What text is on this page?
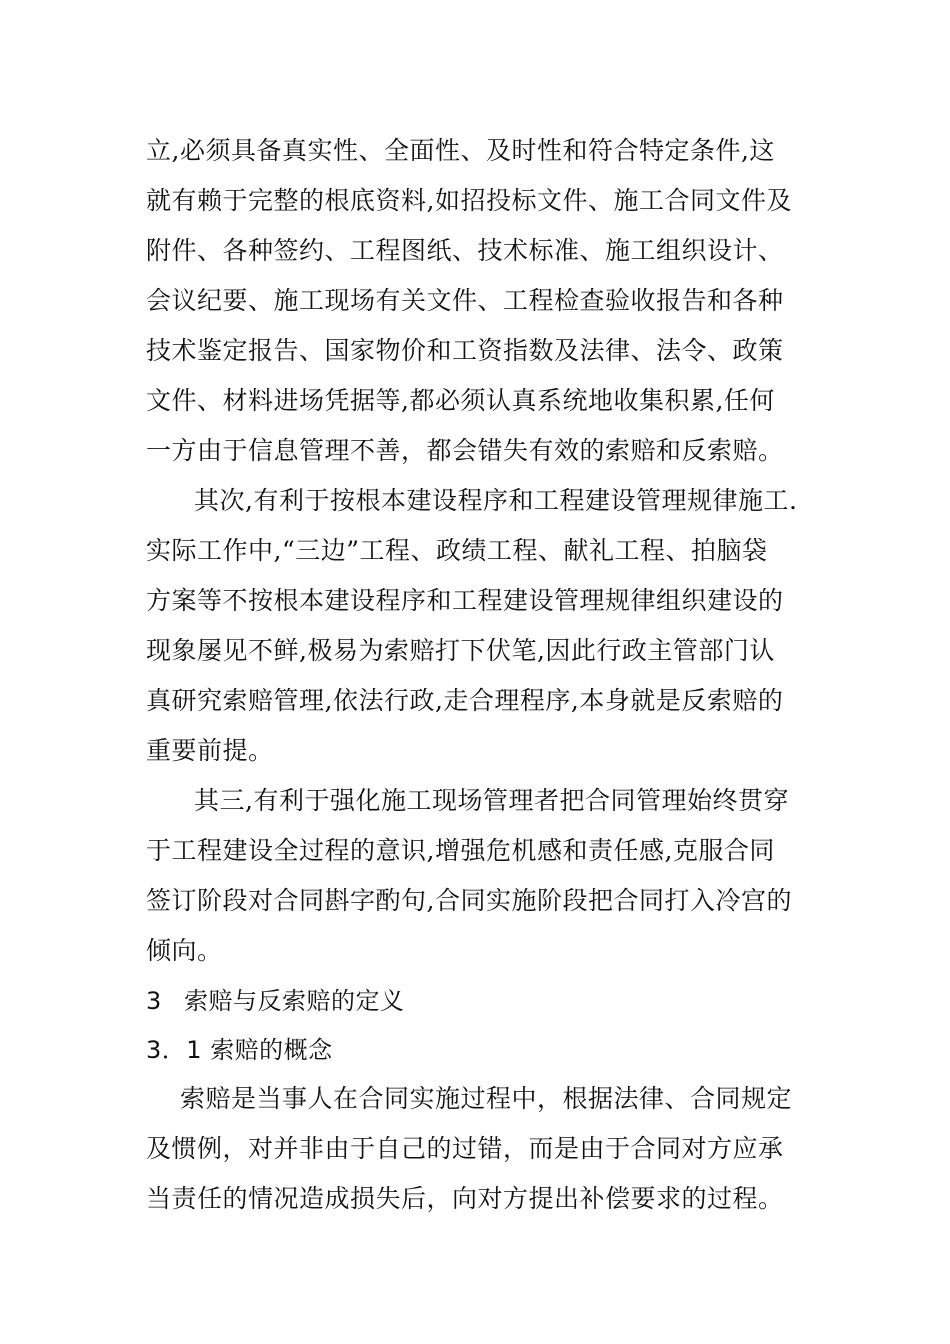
立,必须具备真实性、全面性、及时性和符合特定条件,这
就有赖于完整的根底资料,如招投标文件、施工合同文件及
附件、各种签约、工程图纸、技术标准、施工组织设计、
会议纪要、施工现场有关文件、工程检查验收报告和各种
技术鉴定报告、国家物价和工资指数及法律、法令、政策
文件、材料进场凭据等,都必须认真系统地收集积累,任何
一方由于信息管理不善，都会错失有效的索赔和反索赔。
其次,有利于按根本建设程序和工程建设管理规律施工.
实际工作中,“三边”工程、政绩工程、献礼工程、拍脑袋
方案等不按根本建设程序和工程建设管理规律组织建设的
现象屡见不鲜,极易为索赔打下伏笔,因此行政主管部门认
真研究索赔管理,依法行政,走合理程序,本身就是反索赔的
重要前提。
其三,有利于强化施工现场管理者把合同管理始终贯穿
于工程建设全过程的意识,增强危机感和责任感,克服合同
签订阶段对合同斟字酌句,合同实施阶段把合同打入冷宫的
倾向。
3 索赔与反索赔的定义
3．1 索赔的概念
索赔是当事人在合同实施过程中，根据法律、合同规定
及惯例，对并非由于自己的过错，而是由于合同对方应承
当责任的情况造成损失后，向对方提出补偿要求的过程。
